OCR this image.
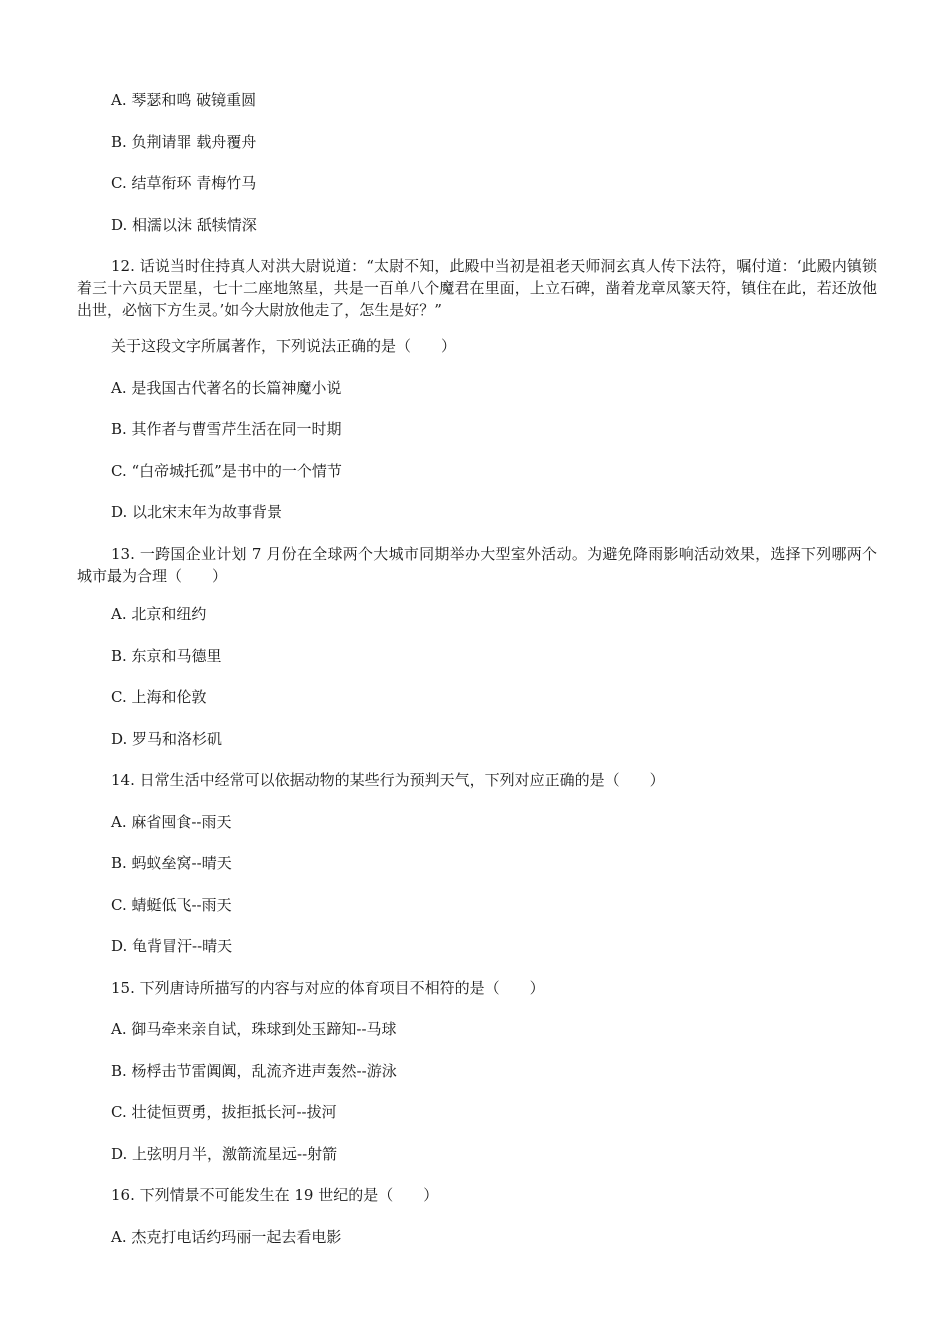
A. 琴瑟和鸣 破镜重圆
B. 负荆请罪 载舟覆舟
C. 结草衔环 青梅竹马
D. 相濡以沫 舐犊情深
12. 话说当时住持真人对洪大尉说道：“太尉不知，此殿中当初是祖老天师洞玄真人传下法符，嘱付道：‘此殿内镇锁着三十六员天罡星，七十二座地煞星，共是一百单八个魔君在里面，上立石碑，凿着龙章凤篆天符，镇住在此，若还放他出世，必恼下方生灵。’如今大尉放他走了，怎生是好？”
关于这段文字所属著作，下列说法正确的是（　　）
A. 是我国古代著名的长篇神魔小说
B. 其作者与曹雪芹生活在同一时期
C. “白帝城托孤”是书中的一个情节
D. 以北宋末年为故事背景
13. 一跨国企业计划 7 月份在全球两个大城市同期举办大型室外活动。为避免降雨影响活动效果，选择下列哪两个城市最为合理（　　）
A. 北京和纽约
B. 东京和马德里
C. 上海和伦敦
D. 罗马和洛杉矶
14. 日常生活中经常可以依据动物的某些行为预判天气，下列对应正确的是（　　）
A. 麻省囤食--雨天
B. 蚂蚁垒窝--晴天
C. 蜻蜓低飞--雨天
D. 龟背冒汗--晴天
15. 下列唐诗所描写的内容与对应的体育项目不相符的是（　　）
A. 御马牵来亲自试，珠球到处玉蹄知--马球
B. 杨桴击节雷阗阗，乱流齐进声轰然--游泳
C. 壮徒恒贾勇，拔拒抵长河--拔河
D. 上弦明月半，激箭流星远--射箭
16. 下列情景不可能发生在 19 世纪的是（　　）
A. 杰克打电话约玛丽一起去看电影
